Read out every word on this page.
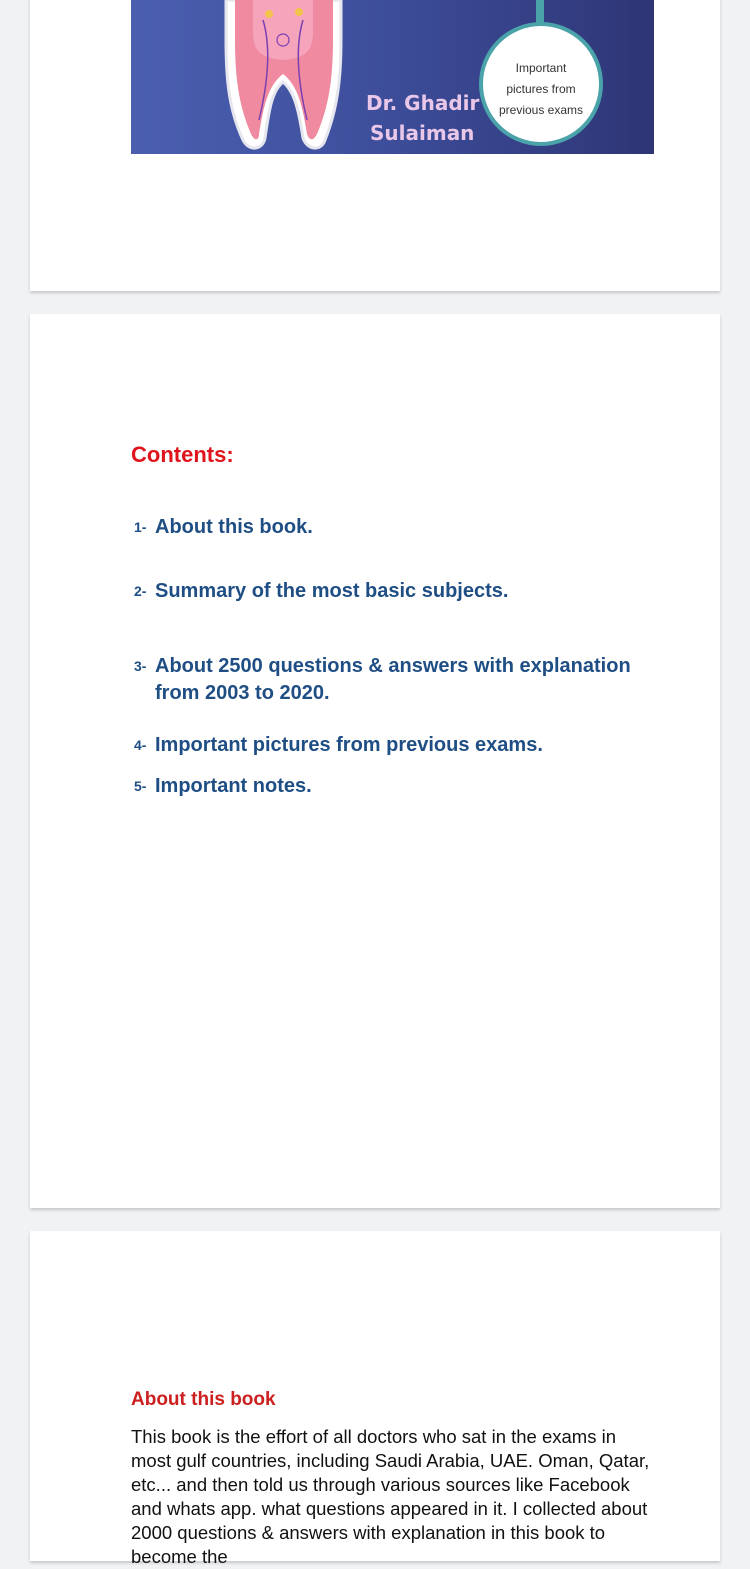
Dr. Ghadir
Sulaiman
Important
pictures from
previous exams
Contents:
1- About this book.
2- Summary of the most basic subjects.
3- About 2500 questions & answers with explanation from 2003 to 2020.
4- Important pictures from previous exams.
5- Important notes.
About this book
This book is the effort of all doctors who sat in the exams in most gulf countries, including Saudi Arabia, UAE. Oman, Qatar, etc... and then told us through various sources like Facebook and whats app. what questions appeared in it. I collected about 2000 questions & answers with explanation in this book to become the
